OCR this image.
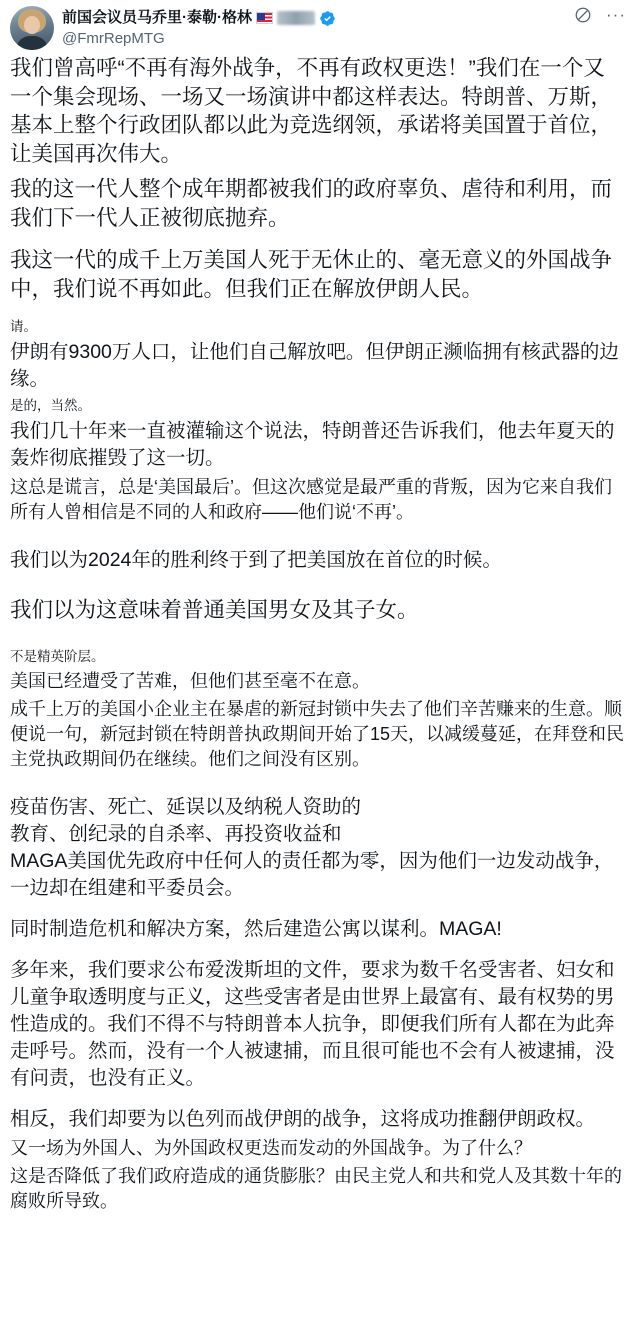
前国会议员马乔里·泰勒·格林
@FmrRepMTG
···

我们曾高呼“不再有海外战争，不再有政权更迭！”我们在一个又一个集会现场、一场又一场演讲中都这样表达。特朗普、万斯，基本上整个行政团队都以此为竞选纲领，承诺将美国置于首位，让美国再次伟大。

我的这一代人整个成年期都被我们的政府辜负、虐待和利用，而我们下一代人正被彻底抛弃。

我这一代的成千上万美国人死于无休止的、毫无意义的外国战争中，我们说不再如此。但我们正在解放伊朗人民。

请。

伊朗有9300万人口，让他们自己解放吧。但伊朗正濒临拥有核武器的边缘。

是的，当然。

我们几十年来一直被灌输这个说法，特朗普还告诉我们，他去年夏天的轰炸彻底摧毁了这一切。

这总是谎言，总是‘美国最后’。但这次感觉是最严重的背叛，因为它来自我们所有人曾相信是不同的人和政府——他们说‘不再’。

我们以为2024年的胜利终于到了把美国放在首位的时候。

我们以为这意味着普通美国男女及其子女。

不是精英阶层。

美国已经遭受了苦难，但他们甚至毫不在意。

成千上万的美国小企业主在暴虐的新冠封锁中失去了他们辛苦赚来的生意。顺便说一句，新冠封锁在特朗普执政期间开始了15天，以减缓蔓延，在拜登和民主党执政期间仍在继续。他们之间没有区别。

疫苗伤害、死亡、延误以及纳税人资助的

教育、创纪录的自杀率、再投资收益和

MAGA美国优先政府中任何人的责任都为零，因为他们一边发动战争，一边却在组建和平委员会。

同时制造危机和解决方案，然后建造公寓以谋利。MAGA!

多年来，我们要求公布爱泼斯坦的文件，要求为数千名受害者、妇女和儿童争取透明度与正义，这些受害者是由世界上最富有、最有权势的男性造成的。我们不得不与特朗普本人抗争，即便我们所有人都在为此奔走呼号。然而，没有一个人被逮捕，而且很可能也不会有人被逮捕，没有问责，也没有正义。

相反，我们却要为以色列而战伊朗的战争，这将成功推翻伊朗政权。

又一场为外国人、为外国政权更迭而发动的外国战争。为了什么？

这是否降低了我们政府造成的通货膨胀？由民主党人和共和党人及其数十年的腐败所导致。
